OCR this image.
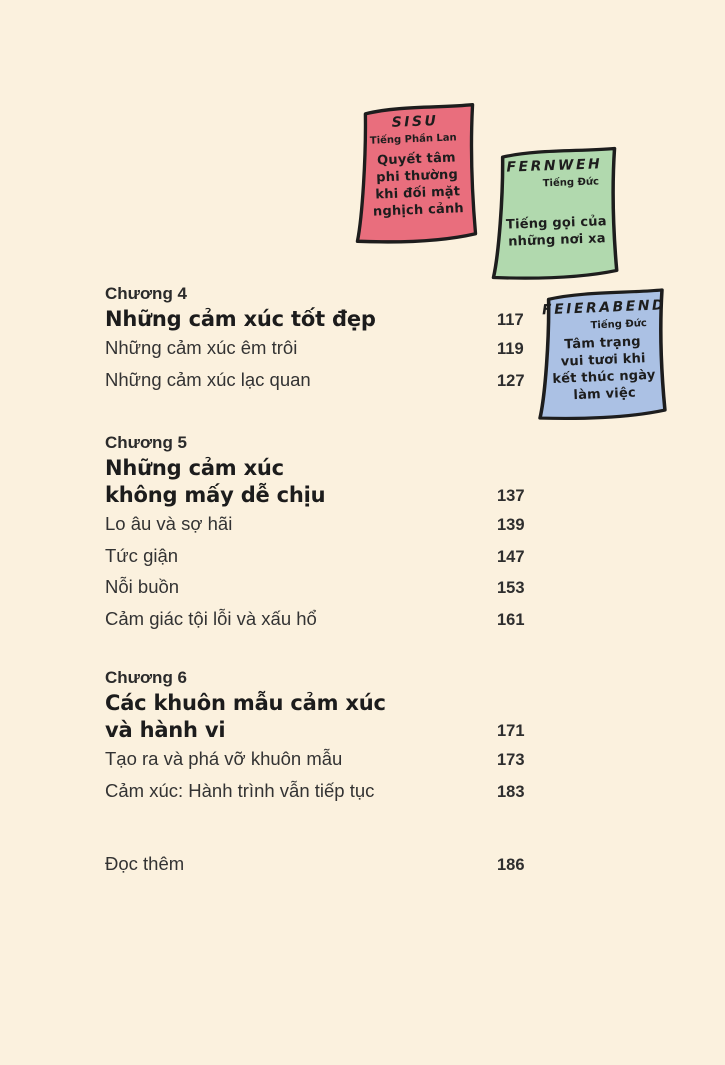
SISU
Tiếng Phần Lan
Quyết tâm
phi thường
khi đối mặt
nghịch cảnh
FERNWEH
Tiếng Đức
Tiếng gọi của
những nơi xa
FEIERABEND
Tiếng Đức
Tâm trạng
vui tươi khi
kết thúc ngày
làm việc
Chương 4
Những cảm xúc tốt đẹp	117
Những cảm xúc êm trôi	119
Những cảm xúc lạc quan	127
Chương 5
Những cảm xúc
không mấy dễ chịu	137
Lo âu và sợ hãi	139
Tức giận	147
Nỗi buồn	153
Cảm giác tội lỗi và xấu hổ	161
Chương 6
Các khuôn mẫu cảm xúc
và hành vi	171
Tạo ra và phá vỡ khuôn mẫu	173
Cảm xúc: Hành trình vẫn tiếp tục	183
Đọc thêm	186
